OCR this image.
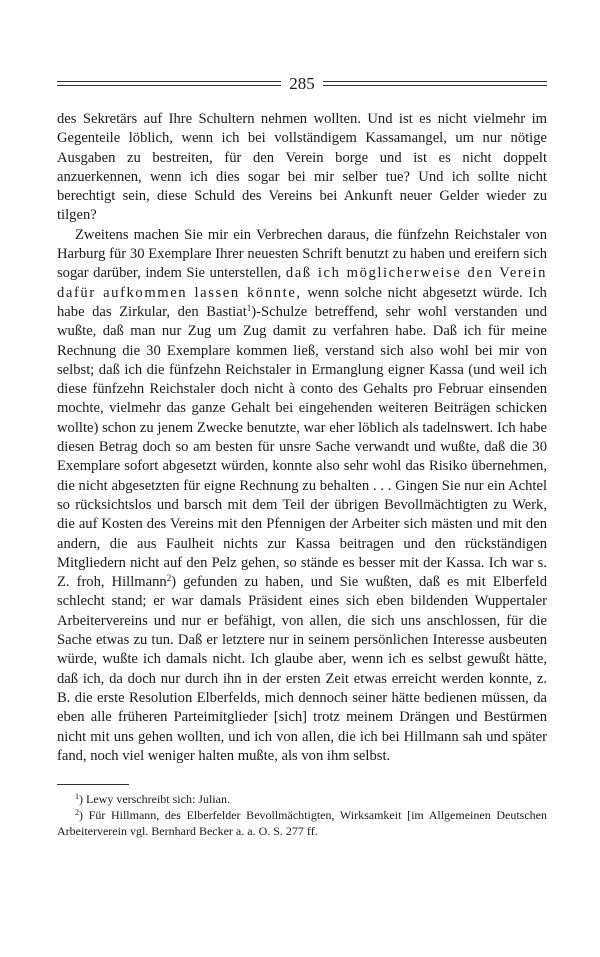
285

des Sekretärs auf Ihre Schultern nehmen wollten. Und ist es nicht vielmehr im Gegenteile löblich, wenn ich bei vollständigem Kassamangel, um nur nötige Ausgaben zu bestreiten, für den Verein borge und ist es nicht doppelt anzuerkennen, wenn ich dies sogar bei mir selber tue? Und ich sollte nicht berechtigt sein, diese Schuld des Vereins bei Ankunft neuer Gelder wieder zu tilgen?

Zweitens machen Sie mir ein Verbrechen daraus, die fünfzehn Reichstaler von Harburg für 30 Exemplare Ihrer neuesten Schrift benutzt zu haben und ereifern sich sogar darüber, indem Sie unterstellen, daß ich möglicherweise den Verein dafür aufkommen lassen könnte, wenn solche nicht abgesetzt würde. Ich habe das Zirkular, den Bastiat$^1$)-Schulze betreffend, sehr wohl verstanden und wußte, daß man nur Zug um Zug damit zu verfahren habe. Daß ich für meine Rechnung die 30 Exemplare kommen ließ, verstand sich also wohl bei mir von selbst; daß ich die fünfzehn Reichstaler in Ermanglung eigner Kassa (und weil ich diese fünfzehn Reichstaler doch nicht à conto des Gehalts pro Februar einsenden mochte, vielmehr das ganze Gehalt bei eingehenden weiteren Beiträgen schicken wollte) schon zu jenem Zwecke benutzte, war eher löblich als tadelnswert. Ich habe diesen Betrag doch so am besten für unsre Sache verwandt und wußte, daß die 30 Exemplare sofort abgesetzt würden, konnte also sehr wohl das Risiko übernehmen, die nicht abgesetzten für eigne Rechnung zu behalten . . . Gingen Sie nur ein Achtel so rücksichtslos und barsch mit dem Teil der übrigen Bevollmächtigten zu Werk, die auf Kosten des Vereins mit den Pfennigen der Arbeiter sich mästen und mit den andern, die aus Faulheit nichts zur Kassa beitragen und den rückständigen Mitgliedern nicht auf den Pelz gehen, so stände es besser mit der Kassa. Ich war s. Z. froh, Hillmann$^2$) gefunden zu haben, und Sie wußten, daß es mit Elberfeld schlecht stand; er war damals Präsident eines sich eben bildenden Wuppertaler Arbeitervereins und nur er befähigt, von allen, die sich uns anschlossen, für die Sache etwas zu tun. Daß er letztere nur in seinem persönlichen Interesse ausbeuten würde, wußte ich damals nicht. Ich glaube aber, wenn ich es selbst gewußt hätte, daß ich, da doch nur durch ihn in der ersten Zeit etwas erreicht werden konnte, z. B. die erste Resolution Elberfelds, mich dennoch seiner hätte bedienen müssen, da eben alle früheren Parteimitglieder [sich] trotz meinem Drängen und Bestürmen nicht mit uns gehen wollten, und ich von allen, die ich bei Hillmann sah und später fand, noch viel weniger halten mußte, als von ihm selbst.

$^1$) Lewy verschreibt sich: Julian.

$^2$) Für Hillmann, des Elberfelder Bevollmächtigten, Wirksamkeit [im Allgemeinen Deutschen Arbeiterverein vgl. Bernhard Becker a. a. O. S. 277 ff.
